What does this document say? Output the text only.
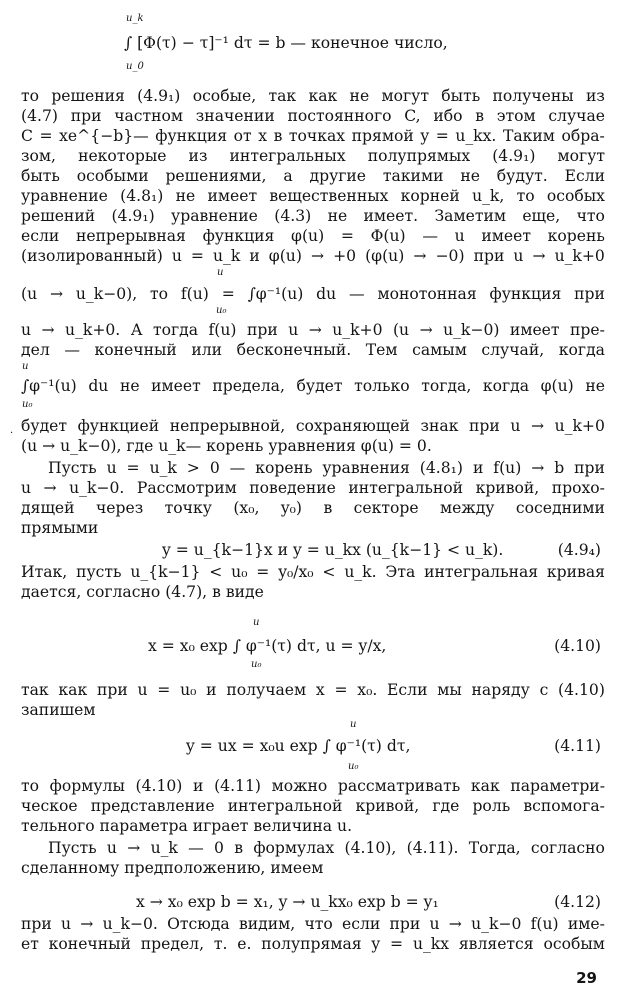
u_k
∫ [Φ(τ) − τ]⁻¹ dτ = b — конечное число,
u_0
то решения (4.9₁) особые, так как не могут быть получены из
(4.7) при частном значении постоянного C, ибо в этом случае
C = xe^{−b}— функция от x в точках прямой y = u_kx. Таким обра-
зом, некоторые из интегральных полупрямых (4.9₁) могут
быть особыми решениями, а другие такими не будут. Если
уравнение (4.8₁) не имеет вещественных корней u_k, то особых
решений (4.9₁) уравнение (4.3) не имеет. Заметим еще, что
если непрерывная функция φ(u) = Φ(u) — u имеет корень
(изолированный) u = u_k и φ(u) → +0 (φ(u) → −0) при u → u_k+0
u
(u → u_k−0), то f(u) = ∫φ⁻¹(u) du — монотонная функция при
u₀
u → u_k+0. А тогда f(u) при u → u_k+0 (u → u_k−0) имеет пре-
дел — конечный или бесконечный. Тем самым случай, когда
u
∫φ⁻¹(u) du не имеет предела, будет только тогда, когда φ(u) не
u₀
будет функцией непрерывной, сохраняющей знак при u → u_k+0
(u → u_k−0), где u_k— корень уравнения φ(u) = 0.
Пусть u = u_k > 0 — корень уравнения (4.8₁) и f(u) → b при
u → u_k−0. Рассмотрим поведение интегральной кривой, прохо-
дящей через точку (x₀, y₀) в секторе между соседними
прямыми
y = u_{k−1}x и y = u_kx (u_{k−1} < u_k).	(4.9₄)
Итак, пусть u_{k−1} < u₀ = y₀/x₀ < u_k. Эта интегральная кривая
дается, согласно (4.7), в виде
u
x = x₀ exp ∫ φ⁻¹(τ) dτ, u = y/x,
u₀
(4.10)
так как при u = u₀ и получаем x = x₀. Если мы наряду с (4.10)
запишем
u
y = ux = x₀u exp ∫ φ⁻¹(τ) dτ,
u₀
(4.11)
то формулы (4.10) и (4.11) можно рассматривать как параметри-
ческое представление интегральной кривой, где роль вспомога-
тельного параметра играет величина u.
Пусть u → u_k — 0 в формулах (4.10), (4.11). Тогда, согласно
сделанному предположению, имеем
x → x₀ exp b = x₁, y → u_kx₀ exp b = y₁	(4.12)
при u → u_k−0. Отсюда видим, что если при u → u_k−0 f(u) име-
ет конечный предел, т. е. полупрямая y = u_kx является особым
·
29
